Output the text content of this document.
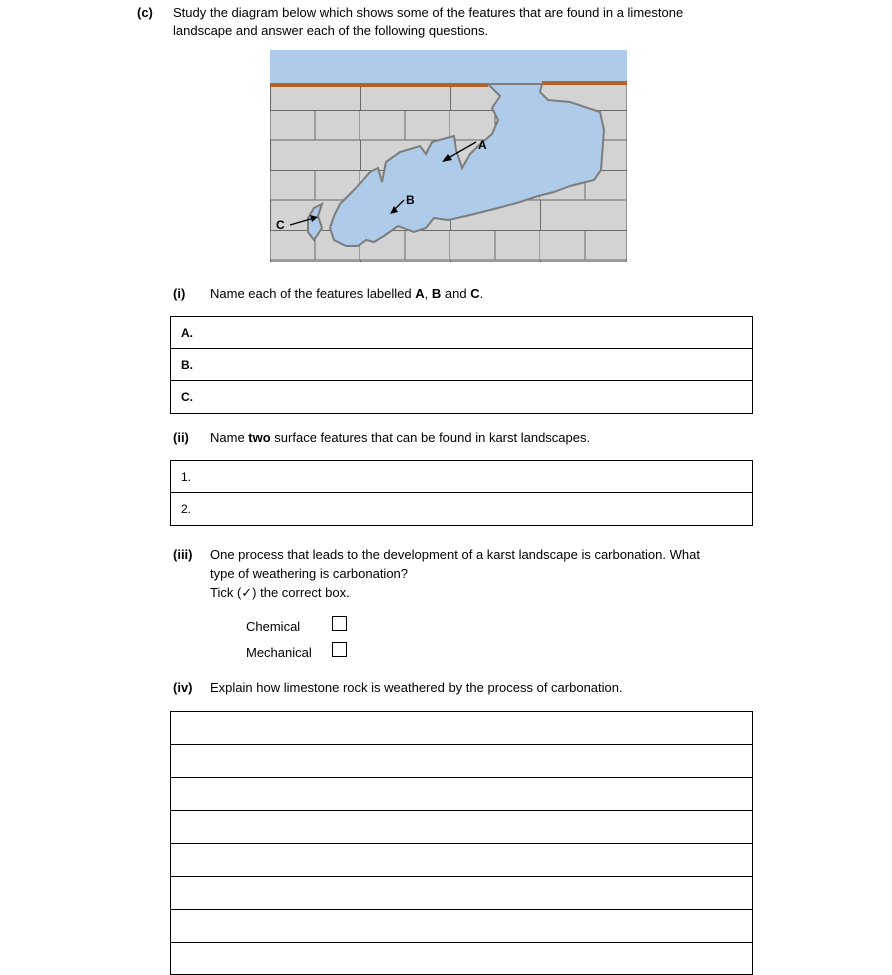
(c) Study the diagram below which shows some of the features that are found in a limestone
landscape and answer each of the following questions.
A
B
C
(i) Name each of the features labelled A, B and C.
A.
B.
C.
(ii) Name two surface features that can be found in karst landscapes.
1.
2.
(iii) One process that leads to the development of a karst landscape is carbonation. What
type of weathering is carbonation?
Tick (✓) the correct box.
Chemical
Mechanical
(iv) Explain how limestone rock is weathered by the process of carbonation.
